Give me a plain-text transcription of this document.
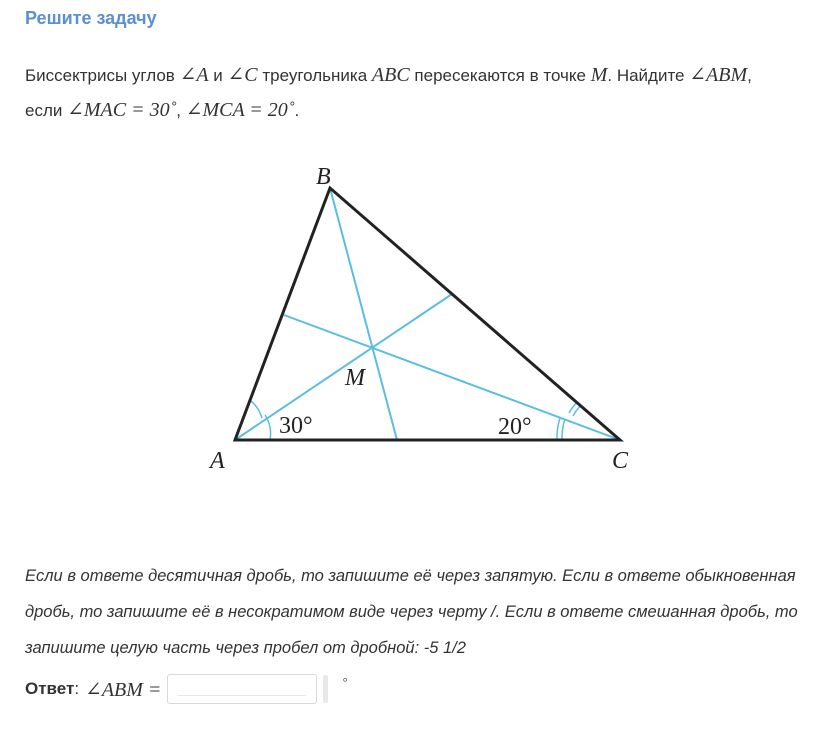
Решите задачу
Биссектрисы углов ∠A и ∠C треугольника ABC пересекаются в точке M. Найдите ∠ABM,
если ∠MAC = 30˚, ∠MCA = 20˚.
A
B
C
M
30°	20°
Если в ответе десятичная дробь, то запишите её через запятую. Если в ответе обыкновенная дробь, то запишите её в несократимом виде через черту /. Если в ответе смешанная дробь, то запишите целую часть через пробел от дробной: -5 1/2
Ответ : ∠ABM =	°
